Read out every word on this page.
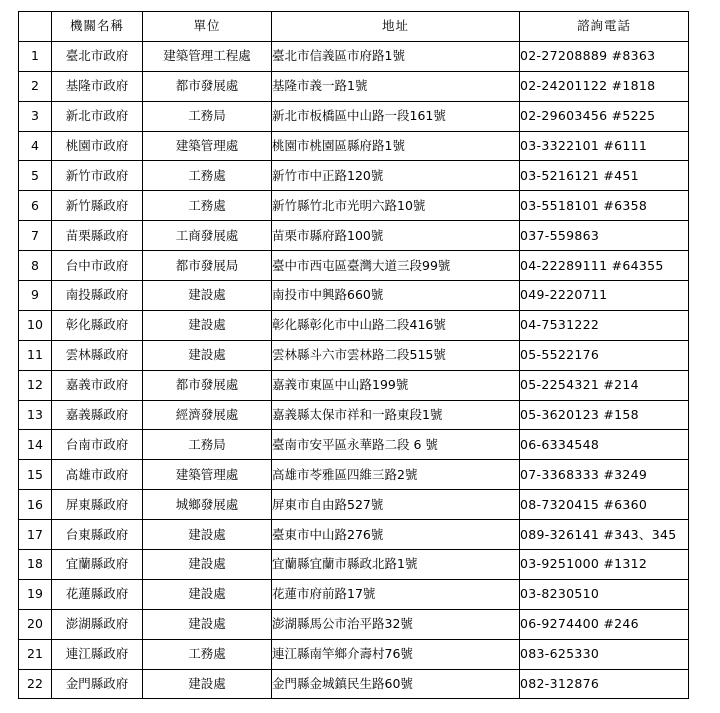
	機關名稱	單位	地址	諮詢電話
1	臺北市政府	建築管理工程處	臺北市信義區市府路1號	02-27208889 #8363
2	基隆市政府	都市發展處	基隆市義一路1號	02-24201122 #1818
3	新北市政府	工務局	新北市板橋區中山路一段161號	02-29603456 #5225
4	桃園市政府	建築管理處	桃園市桃園區縣府路1號	03-3322101 #6111
5	新竹市政府	工務處	新竹市中正路120號	03-5216121 #451
6	新竹縣政府	工務處	新竹縣竹北市光明六路10號	03-5518101 #6358
7	苗栗縣政府	工商發展處	苗栗市縣府路100號	037-559863
8	台中市政府	都市發展局	臺中市西屯區臺灣大道三段99號	04-22289111 #64355
9	南投縣政府	建設處	南投市中興路660號	049-2220711
10	彰化縣政府	建設處	彰化縣彰化市中山路二段416號	04-7531222
11	雲林縣政府	建設處	雲林縣斗六市雲林路二段515號	05-5522176
12	嘉義市政府	都市發展處	嘉義市東區中山路199號	05-2254321 #214
13	嘉義縣政府	經濟發展處	嘉義縣太保市祥和一路東段1號	05-3620123 #158
14	台南市政府	工務局	臺南市安平區永華路二段 6 號	06-6334548
15	高雄市政府	建築管理處	高雄市苓雅區四維三路2號	07-3368333 #3249
16	屏東縣政府	城鄉發展處	屏東市自由路527號	08-7320415 #6360
17	台東縣政府	建設處	臺東市中山路276號	089-326141 #343、345
18	宜蘭縣政府	建設處	宜蘭縣宜蘭市縣政北路1號	03-9251000 #1312
19	花蓮縣政府	建設處	花蓮市府前路17號	03-8230510
20	澎湖縣政府	建設處	澎湖縣馬公市治平路32號	06-9274400 #246
21	連江縣政府	工務處	連江縣南竿鄉介壽村76號	083-625330
22	金門縣政府	建設處	金門縣金城鎮民生路60號	082-312876
